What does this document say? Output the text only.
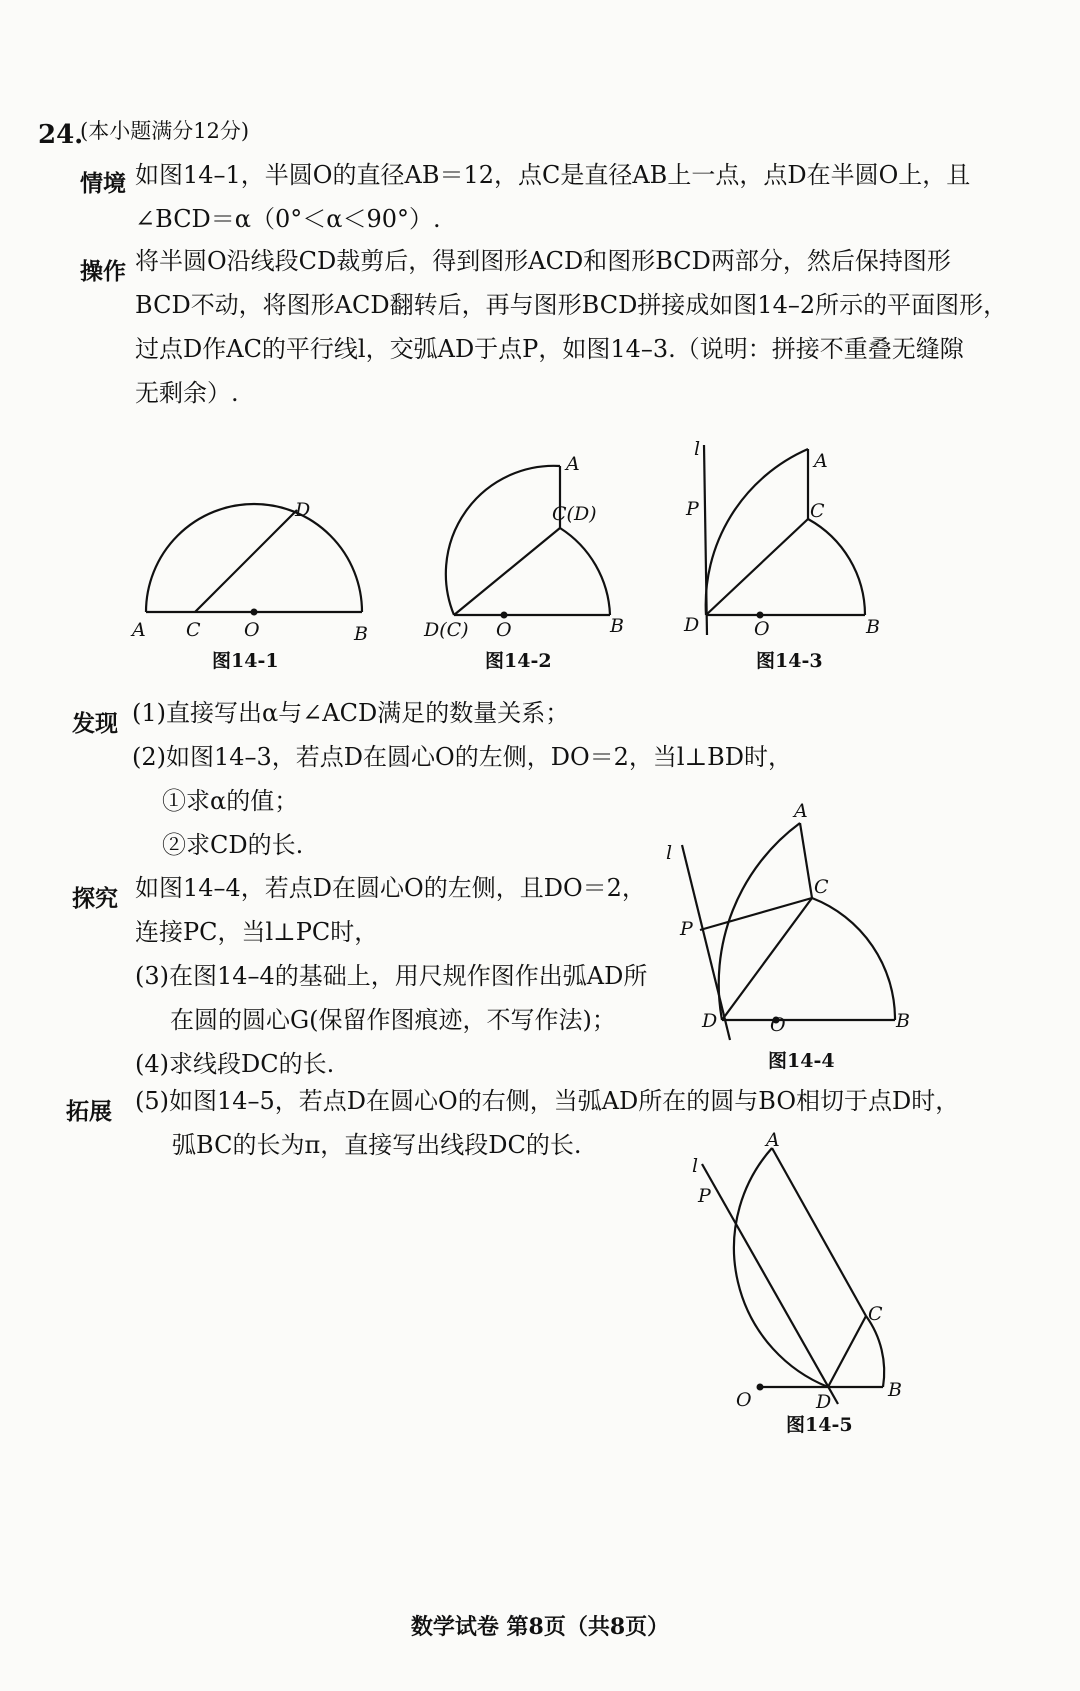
24.
(本小题满分12分)
情境 如图14–1，半圆O的直径AB＝12，点C是直径AB上一点，点D在半圆O上，且
∠BCD＝α（0°＜α＜90°）.
操作 将半圆O沿线段CD裁剪后，得到图形ACD和图形BCD两部分，然后保持图形
BCD不动，将图形ACD翻转后，再与图形BCD拼接成如图14–2所示的平面图形，
过点D作AC的平行线l，交弧AD于点P，如图14–3.（说明：拼接不重叠无缝隙
无剩余）.
A C O	B
D
图14-1
A
C(D)
D(C) O	B
图14-2
l
A
P	C
D	O	B
图14-3
发现 (1)直接写出α与∠ACD满足的数量关系；
(2)如图14–3，若点D在圆心O的左侧，DO＝2，当l⊥BD时，
①求α的值；
②求CD的长.
探究 如图14–4，若点D在圆心O的左侧，且DO＝2，
连接PC，当l⊥PC时，
(3)在图14–4的基础上，用尺规作图作出弧AD所
在圆的圆心G(保留作图痕迹，不写作法)；
(4)求线段DC的长.
l
A
C
P
D	O	B
图14-4
拓展 (5)如图14–5，若点D在圆心O的右侧，当弧AD所在的圆与BO相切于点D时，
弧BC的长为π，直接写出线段DC的长.
l
A
P
C
O	D
B
图14-5
数学试卷 第8页（共8页）
